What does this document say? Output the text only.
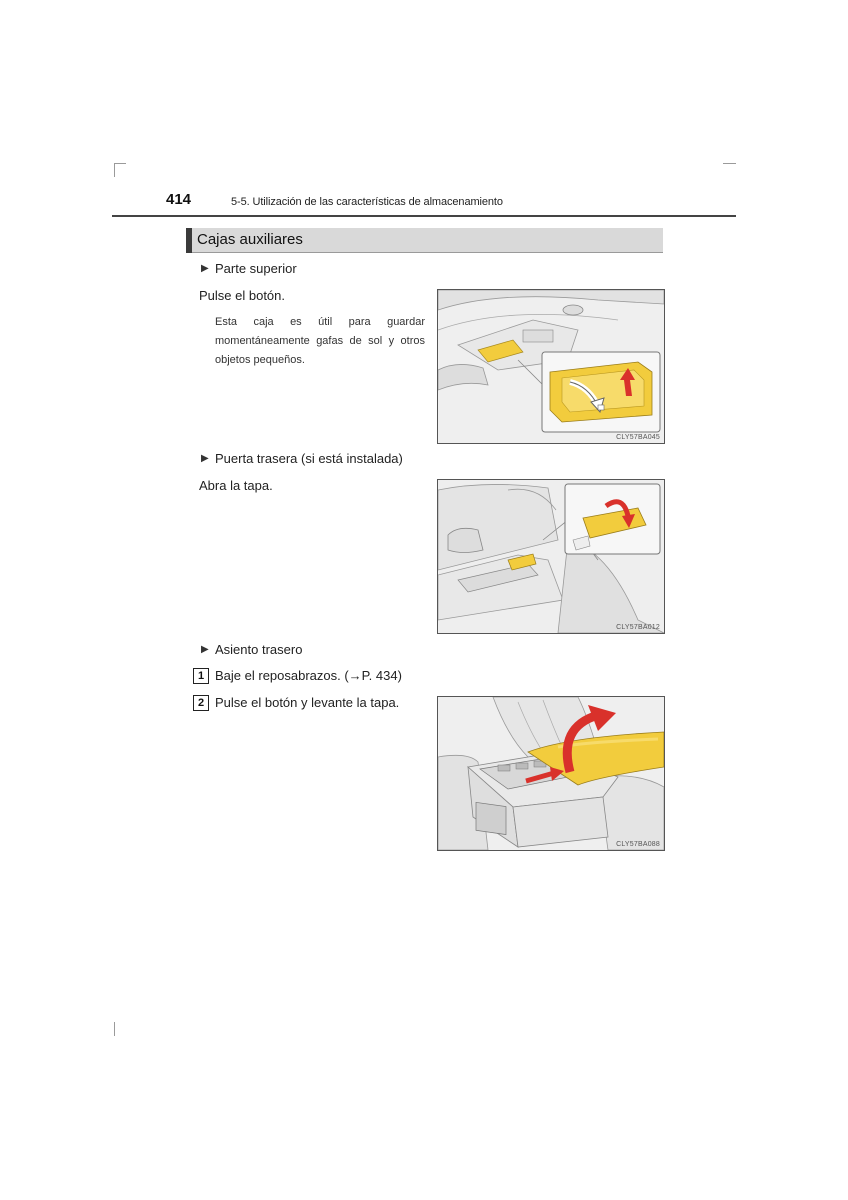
414	5-5. Utilización de las características de almacenamiento
Cajas auxiliares
▶ Parte superior
Pulse el botón.
Esta caja es útil para guardar momentáneamente gafas de sol y otros objetos pequeños.
CLY57BA045
▶ Puerta trasera (si está instalada)
Abra la tapa.
CLY57BA012
▶ Asiento trasero
1 Baje el reposabrazos. (→P. 434)
2 Pulse el botón y levante la tapa.
CLY57BA088
